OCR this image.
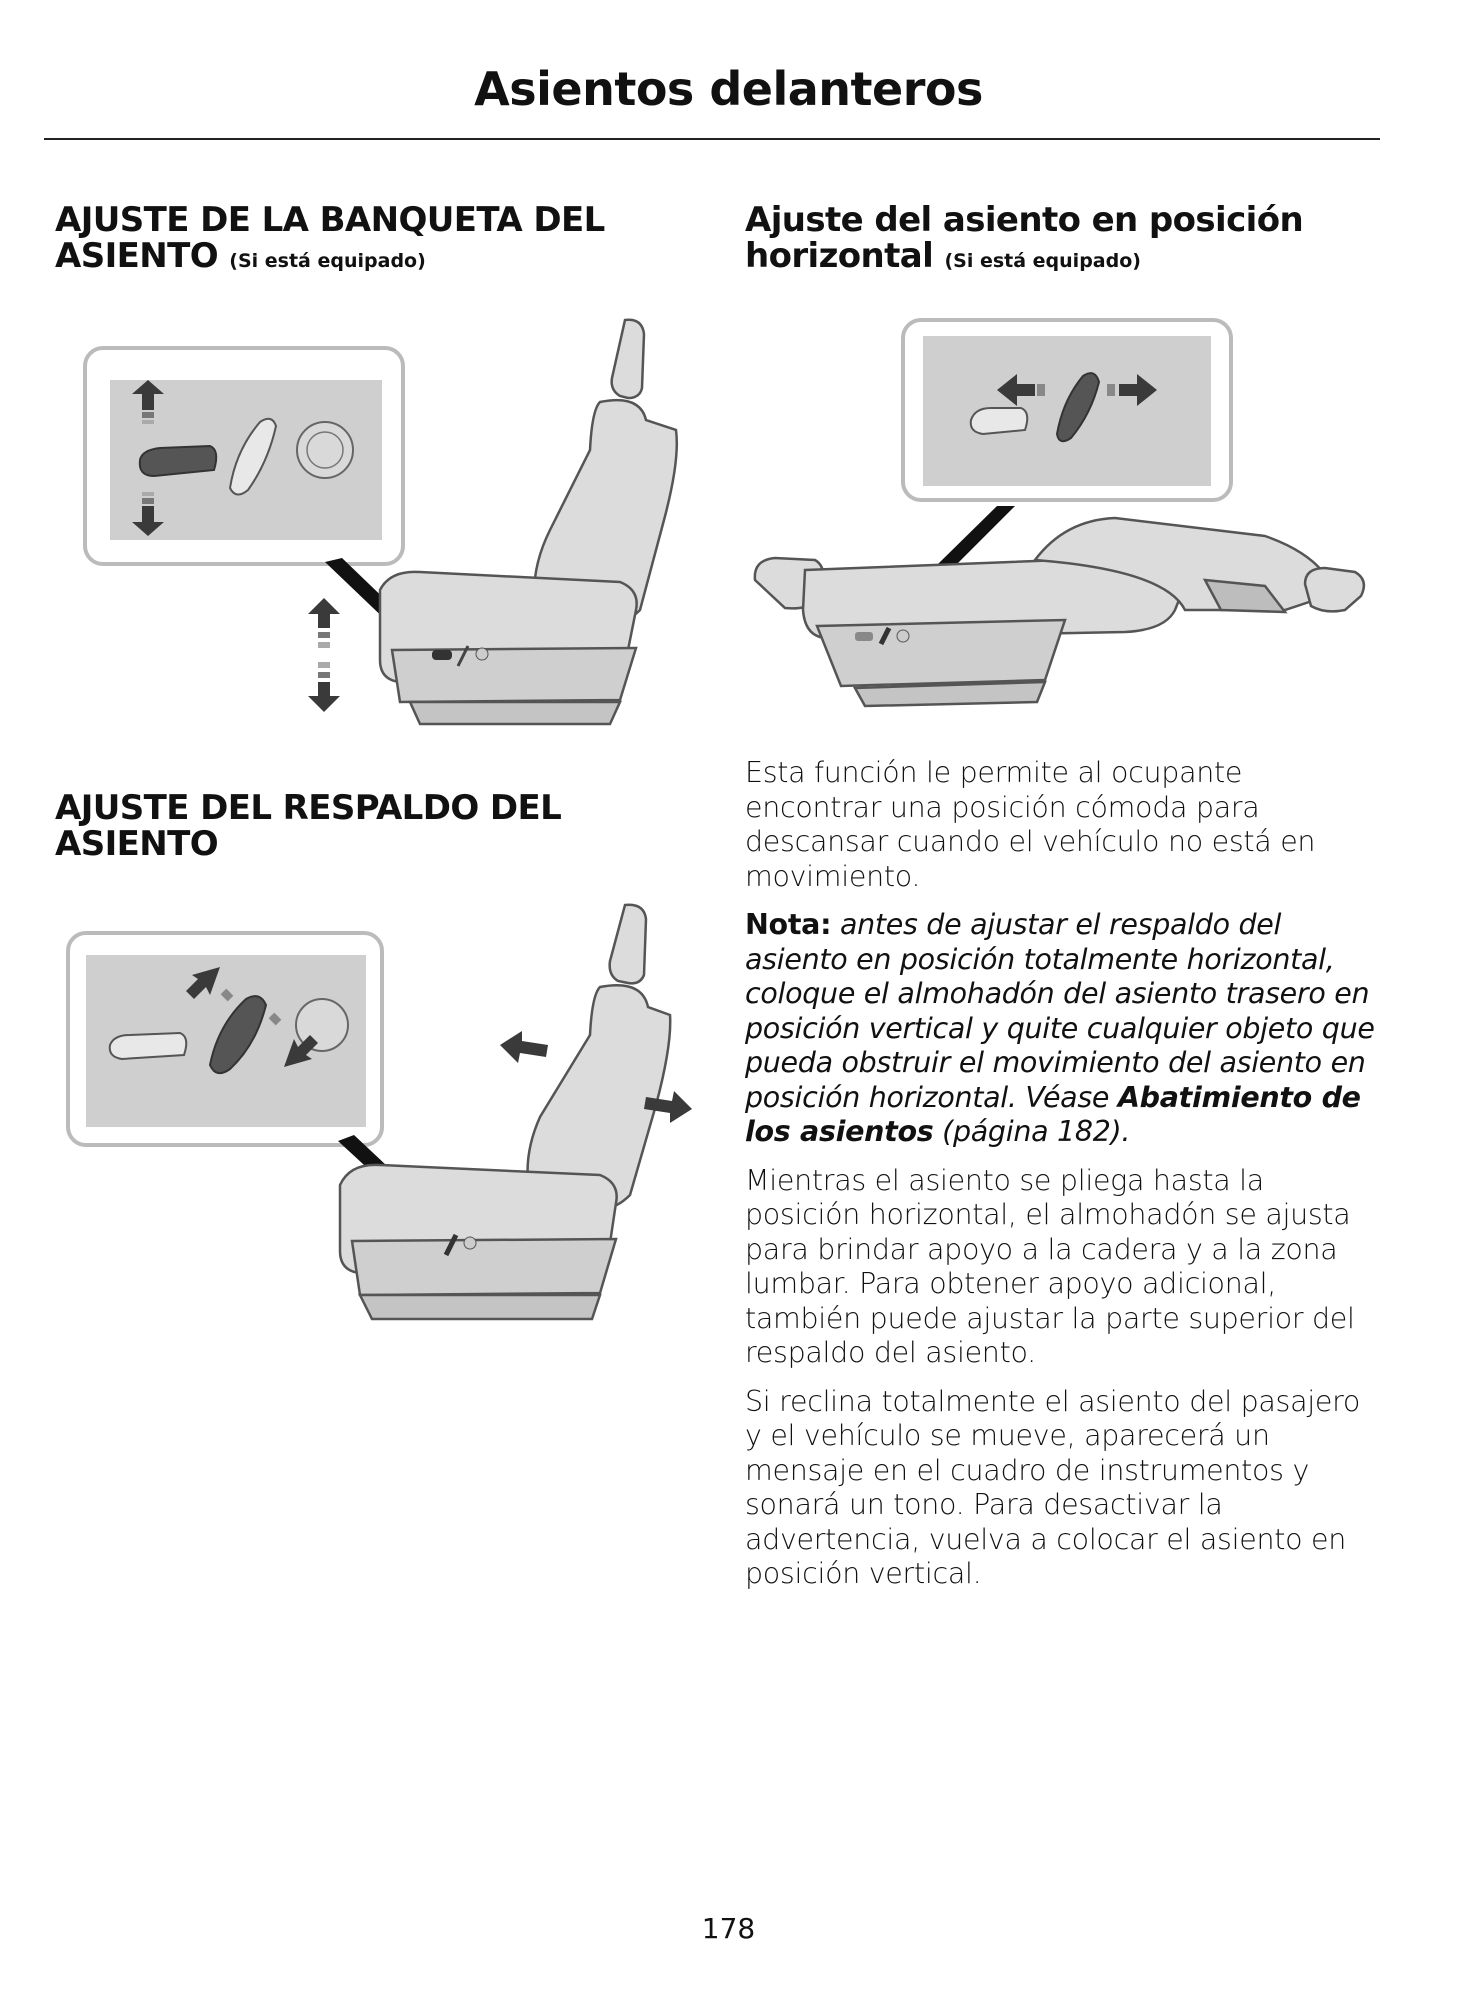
Asientos delanteros
AJUSTE DE LA BANQUETA DEL
ASIENTO (Si está equipado)
AJUSTE DEL RESPALDO DEL
ASIENTO
Ajuste del asiento en posición
horizontal (Si está equipado)

Esta función le permite al ocupante encontrar una posición cómoda para descansar cuando el vehículo no está en movimiento.

Nota: antes de ajustar el respaldo del asiento en posición totalmente horizontal, coloque el almohadón del asiento trasero en posición vertical y quite cualquier objeto que pueda obstruir el movimiento del asiento en posición horizontal. Véase Abatimiento de los asientos (página 182).

Mientras el asiento se pliega hasta la posición horizontal, el almohadón se ajusta para brindar apoyo a la cadera y a la zona lumbar. Para obtener apoyo adicional, también puede ajustar la parte superior del respaldo del asiento.

Si reclina totalmente el asiento del pasajero y el vehículo se mueve, aparecerá un mensaje en el cuadro de instrumentos y sonará un tono. Para desactivar la advertencia, vuelva a colocar el asiento en posición vertical.

178
